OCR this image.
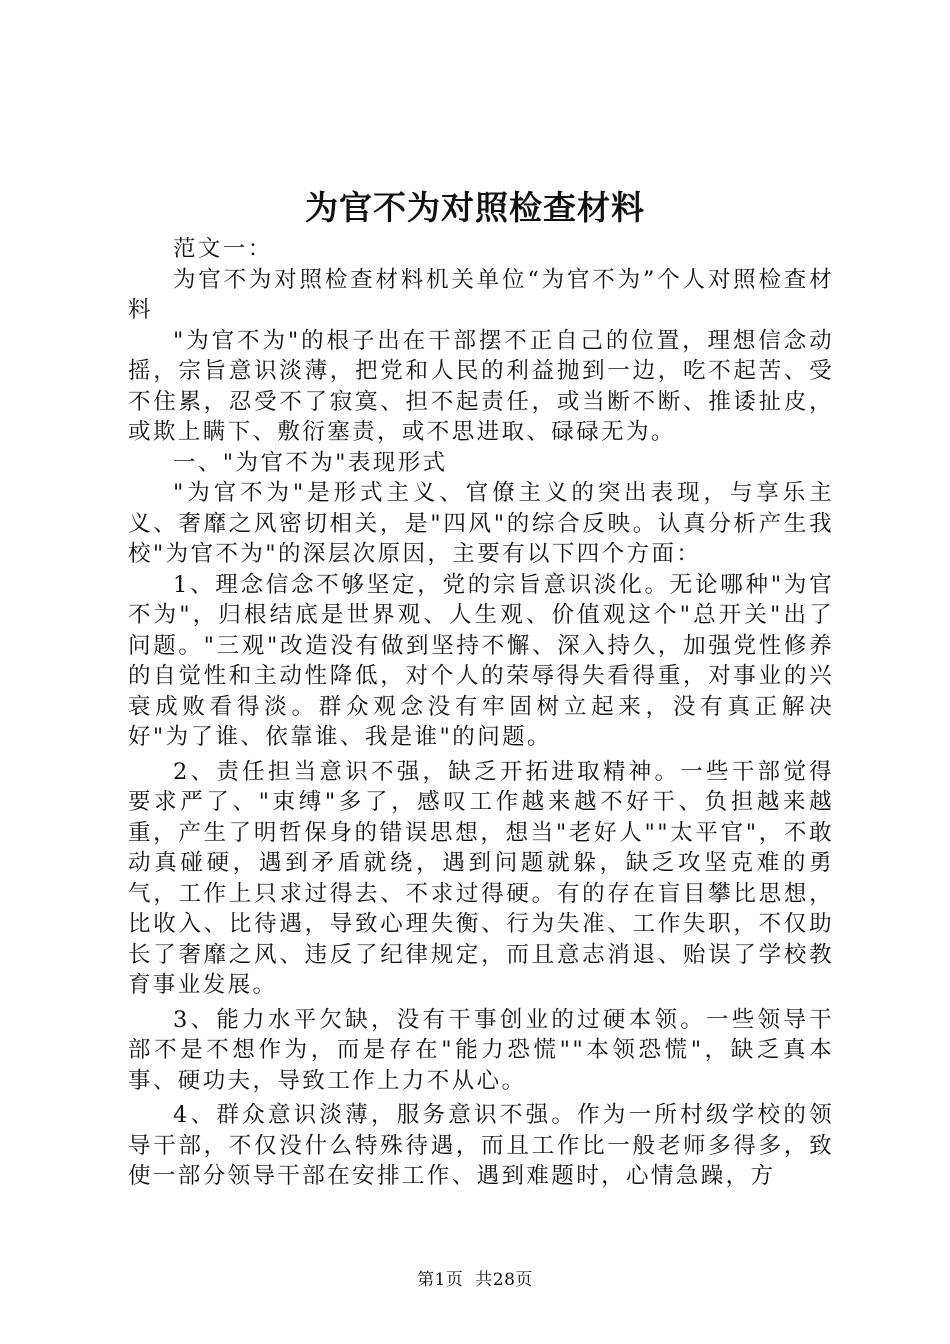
为官不为对照检查材料

范文一：

为官不为对照检查材料机关单位“为官不为”个人对照检查材料

"为官不为"的根子出在干部摆不正自己的位置，理想信念动摇，宗旨意识淡薄，把党和人民的利益抛到一边，吃不起苦、受不住累，忍受不了寂寞、担不起责任，或当断不断、推诿扯皮，或欺上瞒下、敷衍塞责，或不思进取、碌碌无为。

一、"为官不为"表现形式

"为官不为"是形式主义、官僚主义的突出表现，与享乐主义、奢靡之风密切相关，是"四风"的综合反映。认真分析产生我校"为官不为"的深层次原因，主要有以下四个方面：

1、理念信念不够坚定，党的宗旨意识淡化。无论哪种"为官不为"，归根结底是世界观、人生观、价值观这个"总开关"出了问题。"三观"改造没有做到坚持不懈、深入持久，加强党性修养的自觉性和主动性降低，对个人的荣辱得失看得重，对事业的兴衰成败看得淡。群众观念没有牢固树立起来，没有真正解决好"为了谁、依靠谁、我是谁"的问题。

2、责任担当意识不强，缺乏开拓进取精神。一些干部觉得要求严了、"束缚"多了，感叹工作越来越不好干、负担越来越重，产生了明哲保身的错误思想，想当"老好人""太平官"，不敢动真碰硬，遇到矛盾就绕，遇到问题就躲，缺乏攻坚克难的勇气，工作上只求过得去、不求过得硬。有的存在盲目攀比思想，比收入、比待遇，导致心理失衡、行为失准、工作失职，不仅助长了奢靡之风、违反了纪律规定，而且意志消退、贻误了学校教育事业发展。

3、能力水平欠缺，没有干事创业的过硬本领。一些领导干部不是不想作为，而是存在"能力恐慌""本领恐慌"，缺乏真本事、硬功夫，导致工作上力不从心。

4、群众意识淡薄，服务意识不强。作为一所村级学校的领导干部，不仅没什么特殊待遇，而且工作比一般老师多得多，致使一部分领导干部在安排工作、遇到难题时，心情急躁，方

第1页 共28页
